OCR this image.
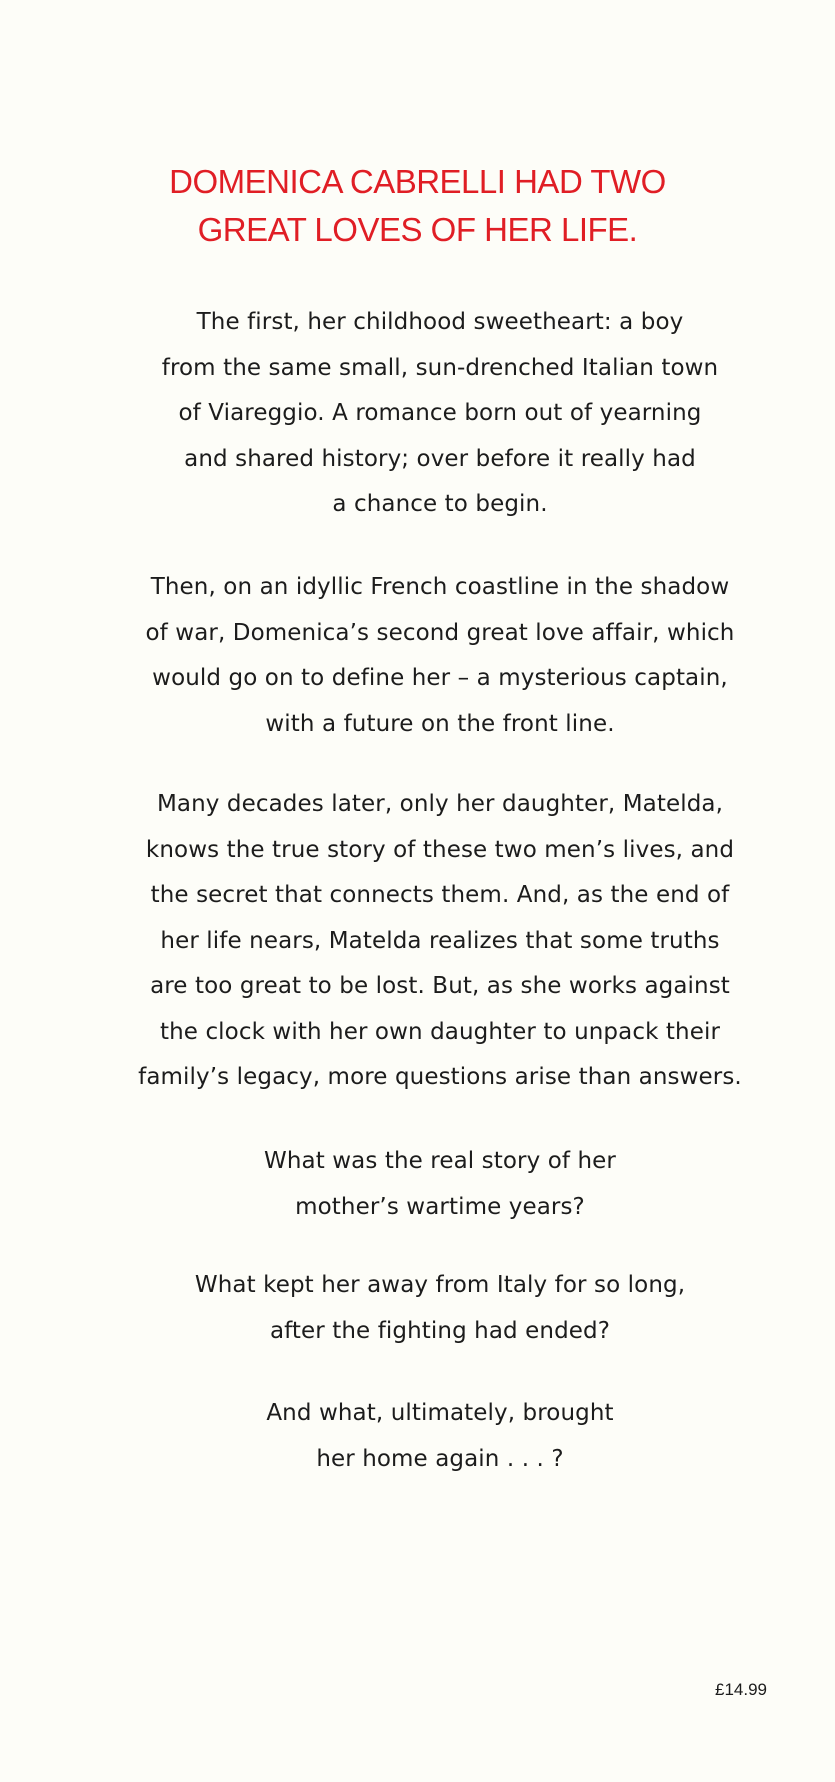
DOMENICA CABRELLI HAD TWO
GREAT LOVES OF HER LIFE.
The first, her childhood sweetheart: a boy
from the same small, sun-drenched Italian town
of Viareggio. A romance born out of yearning
and shared history; over before it really had
a chance to begin.
Then, on an idyllic French coastline in the shadow
of war, Domenica’s second great love affair, which
would go on to define her – a mysterious captain,
with a future on the front line.
Many decades later, only her daughter, Matelda,
knows the true story of these two men’s lives, and
the secret that connects them. And, as the end of
her life nears, Matelda realizes that some truths
are too great to be lost. But, as she works against
the clock with her own daughter to unpack their
family’s legacy, more questions arise than answers.
What was the real story of her
mother’s wartime years?
What kept her away from Italy for so long,
after the fighting had ended?
And what, ultimately, brought
her home again . . . ?
£14.99
